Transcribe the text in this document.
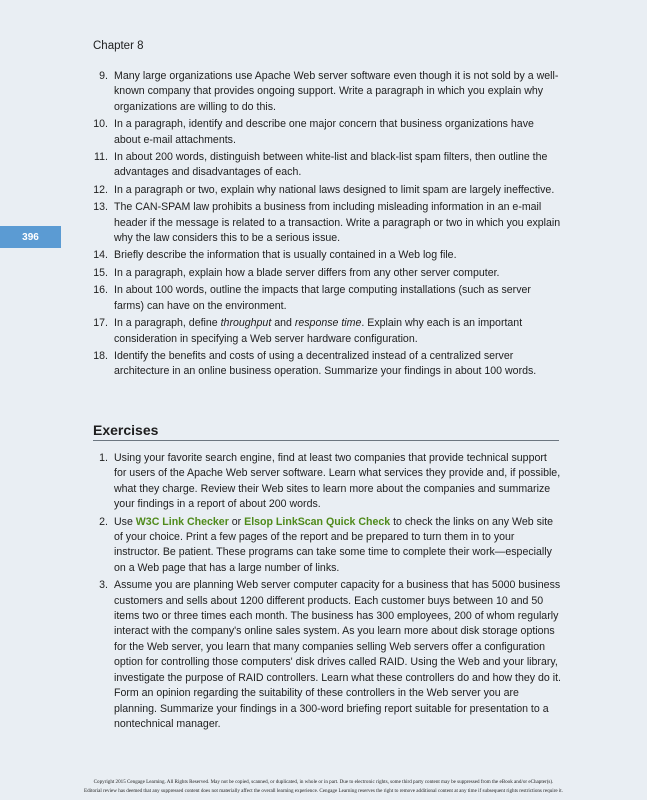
Chapter 8
396
9. Many large organizations use Apache Web server software even though it is not sold by a well-known company that provides ongoing support. Write a paragraph in which you explain why organizations are willing to do this.
10. In a paragraph, identify and describe one major concern that business organizations have about e-mail attachments.
11. In about 200 words, distinguish between white-list and black-list spam filters, then outline the advantages and disadvantages of each.
12. In a paragraph or two, explain why national laws designed to limit spam are largely ineffective.
13. The CAN-SPAM law prohibits a business from including misleading information in an e-mail header if the message is related to a transaction. Write a paragraph or two in which you explain why the law considers this to be a serious issue.
14. Briefly describe the information that is usually contained in a Web log file.
15. In a paragraph, explain how a blade server differs from any other server computer.
16. In about 100 words, outline the impacts that large computing installations (such as server farms) can have on the environment.
17. In a paragraph, define throughput and response time. Explain why each is an important consideration in specifying a Web server hardware configuration.
18. Identify the benefits and costs of using a decentralized instead of a centralized server architecture in an online business operation. Summarize your findings in about 100 words.
Exercises
1. Using your favorite search engine, find at least two companies that provide technical support for users of the Apache Web server software. Learn what services they provide and, if possible, what they charge. Review their Web sites to learn more about the companies and summarize your findings in a report of about 200 words.
2. Use W3C Link Checker or Elsop LinkScan Quick Check to check the links on any Web site of your choice. Print a few pages of the report and be prepared to turn them in to your instructor. Be patient. These programs can take some time to complete their work—especially on a Web page that has a large number of links.
3. Assume you are planning Web server computer capacity for a business that has 5000 business customers and sells about 1200 different products. Each customer buys between 10 and 50 items two or three times each month. The business has 300 employees, 200 of whom regularly interact with the company's online sales system. As you learn more about disk storage options for the Web server, you learn that many companies selling Web servers offer a configuration option for controlling those computers' disk drives called RAID. Using the Web and your library, investigate the purpose of RAID controllers. Learn what these controllers do and how they do it. Form an opinion regarding the suitability of these controllers in the Web server you are planning. Summarize your findings in a 300-word briefing report suitable for presentation to a nontechnical manager.
Copyright 2015 Cengage Learning. All Rights Reserved. May not be copied, scanned, or duplicated, in whole or in part. Due to electronic rights, some third party content may be suppressed from the eBook and/or eChapter(s).
Editorial review has deemed that any suppressed content does not materially affect the overall learning experience. Cengage Learning reserves the right to remove additional content at any time if subsequent rights restrictions require it.
